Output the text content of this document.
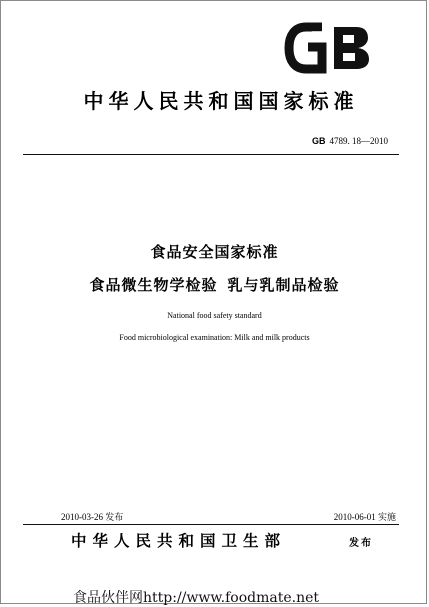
中华人民共和国国家标准
GB 4789. 18—2010
食品安全国家标准
食品微生物学检验 乳与乳制品检验
National food safety standard
Food microbiological examination: Milk and milk products
2010-03-26 发布	2010-06-01 实施
中华人民共和国卫生部	发布
食品伙伴网http://www.foodmate.net
